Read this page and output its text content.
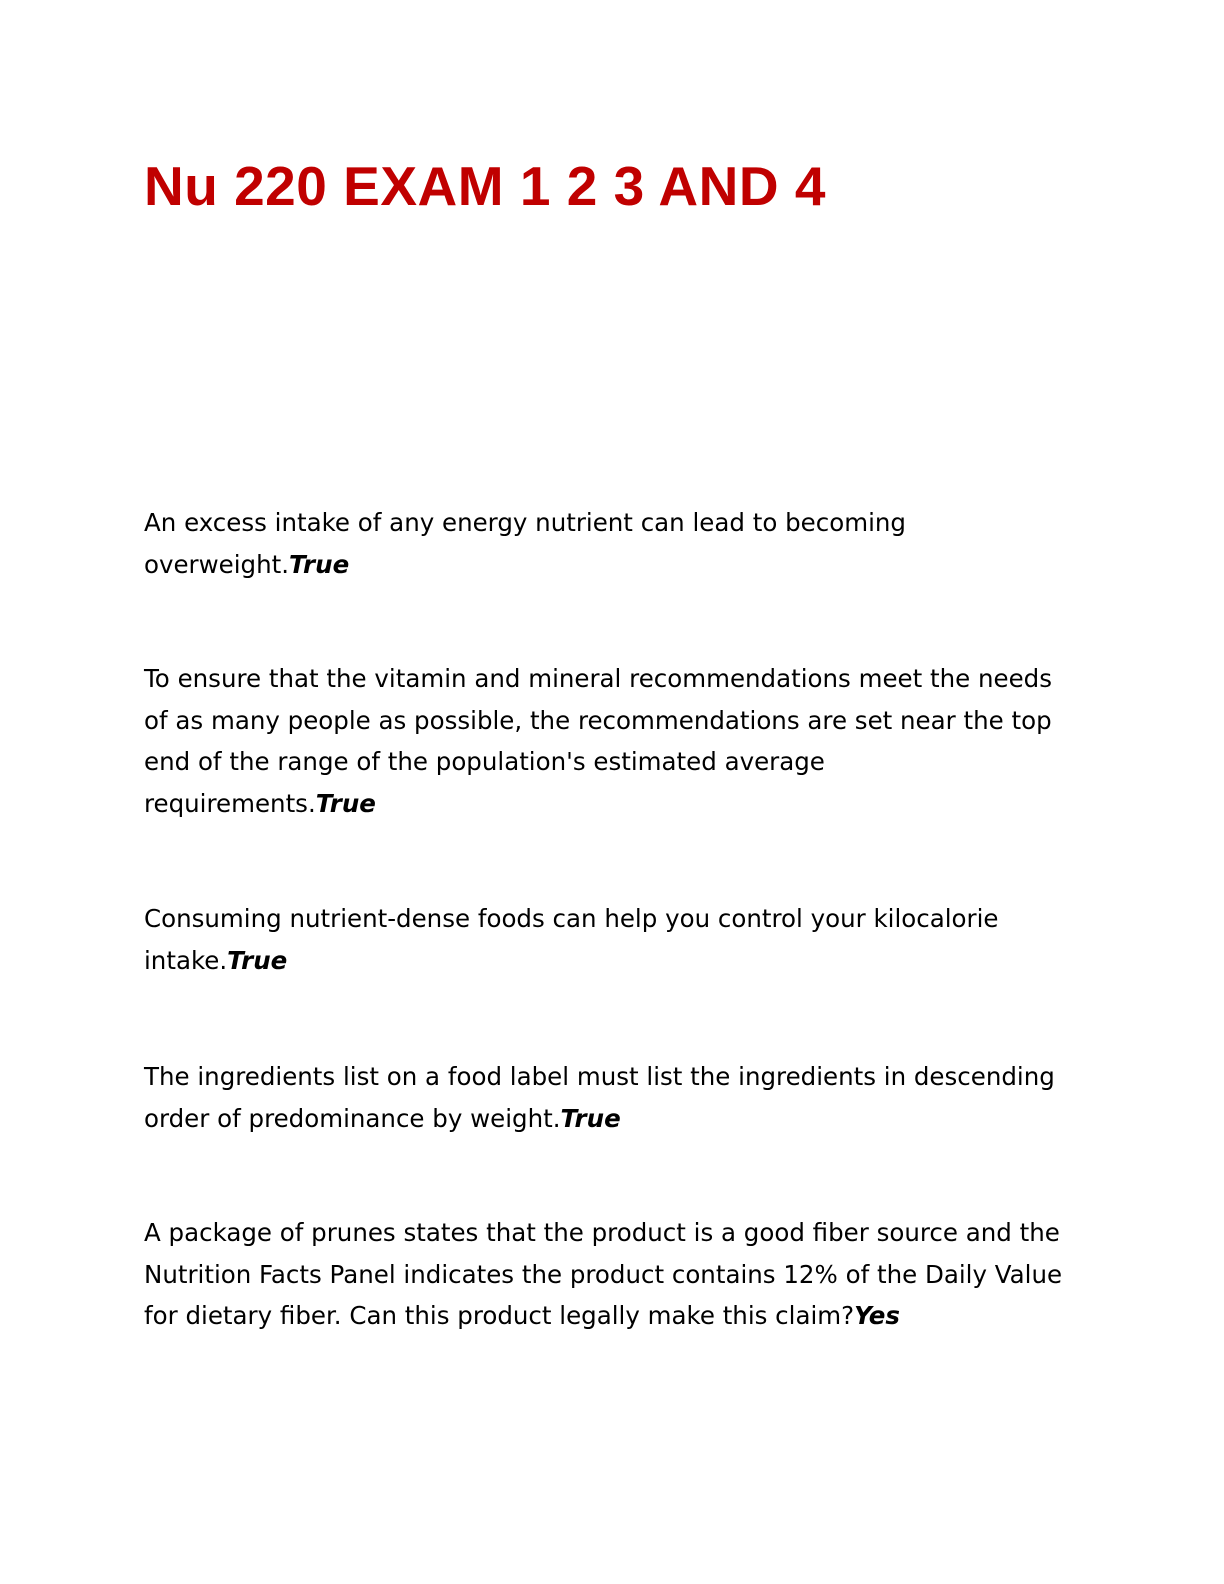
Nu 220 EXAM 1 2 3 AND 4

An excess intake of any energy nutrient can lead to becoming overweight.True

To ensure that the vitamin and mineral recommendations meet the needs of as many people as possible, the recommendations are set near the top end of the range of the population's estimated average requirements.True

Consuming nutrient-dense foods can help you control your kilocalorie intake.True

The ingredients list on a food label must list the ingredients in descending order of predominance by weight.True

A package of prunes states that the product is a good fiber source and the Nutrition Facts Panel indicates the product contains 12% of the Daily Value for dietary fiber. Can this product legally make this claim?Yes
